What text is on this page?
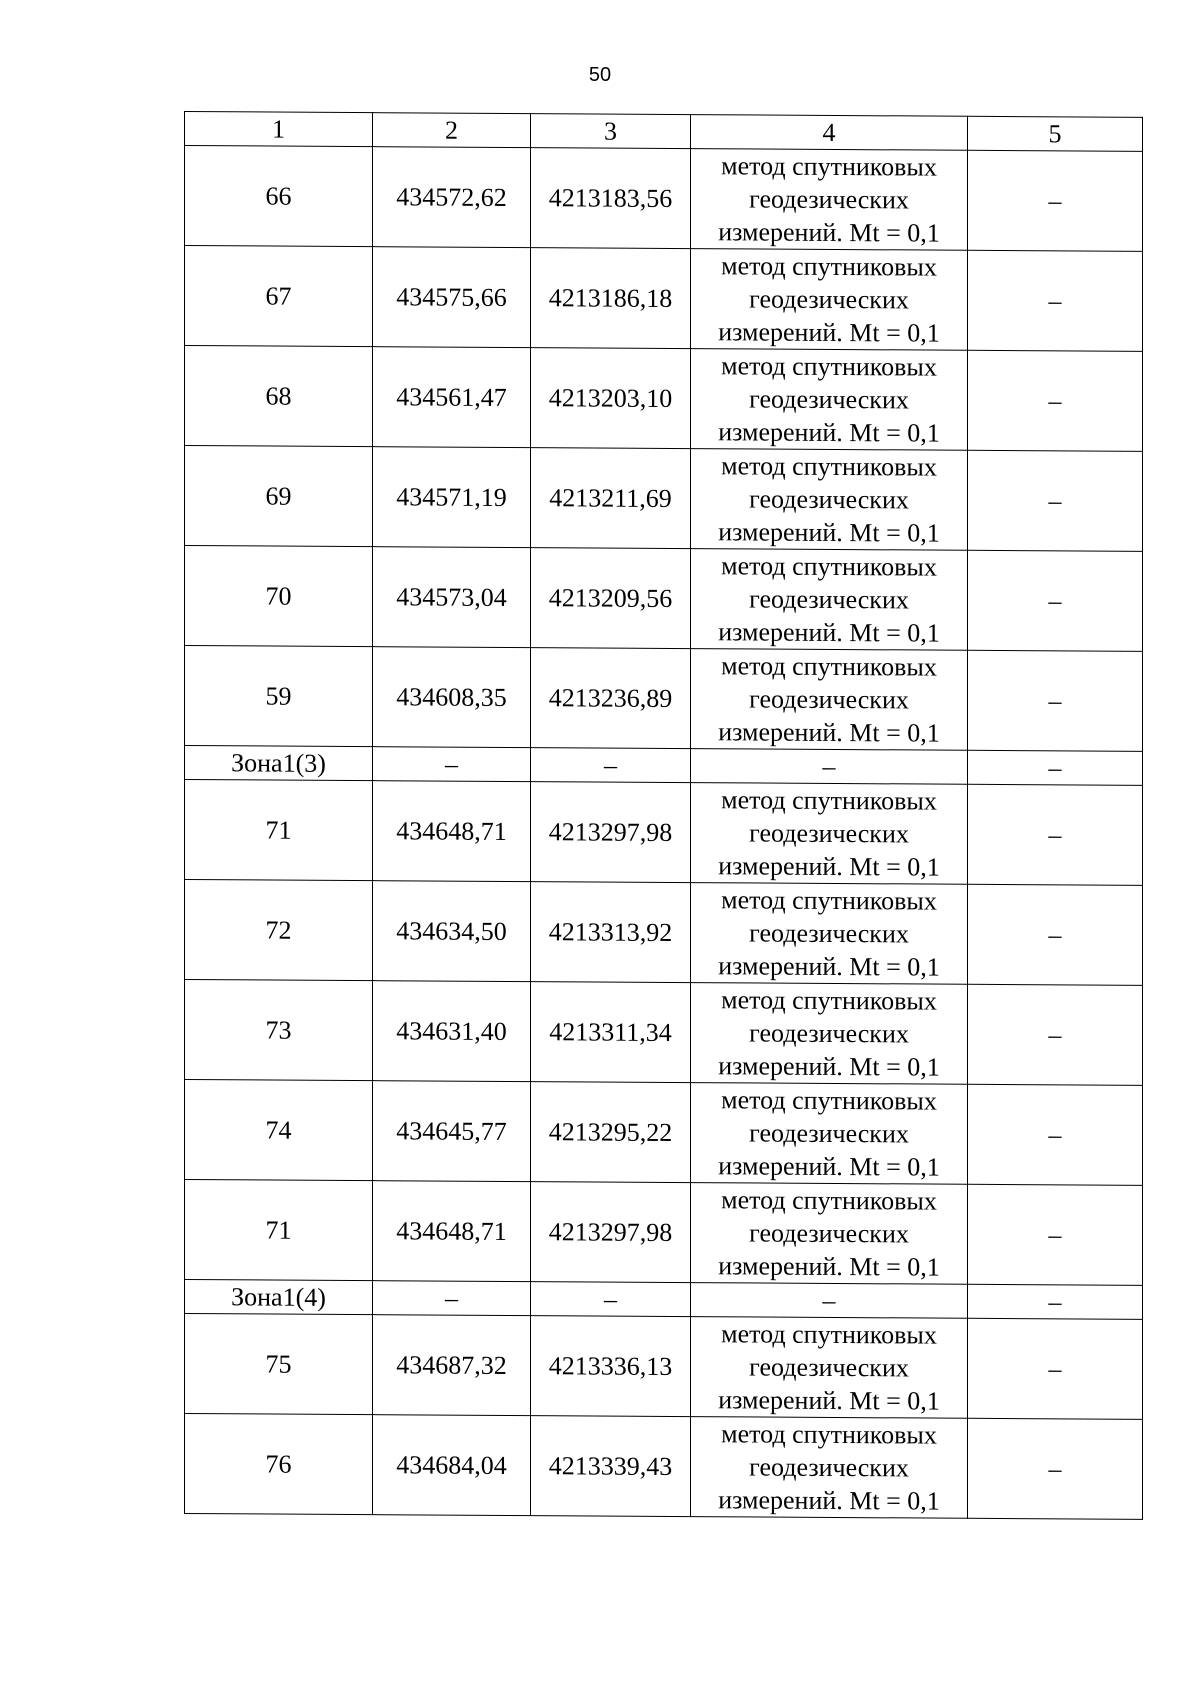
50
1	2	3	4	5
66	434572,62	4213183,56	метод спутниковых
геодезических
измерений. Mt = 0,1	–
67	434575,66	4213186,18	метод спутниковых
геодезических
измерений. Mt = 0,1	–
68	434561,47	4213203,10	метод спутниковых
геодезических
измерений. Mt = 0,1	–
69	434571,19	4213211,69	метод спутниковых
геодезических
измерений. Mt = 0,1	–
70	434573,04	4213209,56	метод спутниковых
геодезических
измерений. Mt = 0,1	–
59	434608,35	4213236,89	метод спутниковых
геодезических
измерений. Mt = 0,1	–
Зона1(3)	–	–	–	–
71	434648,71	4213297,98	метод спутниковых
геодезических
измерений. Mt = 0,1	–
72	434634,50	4213313,92	метод спутниковых
геодезических
измерений. Mt = 0,1	–
73	434631,40	4213311,34	метод спутниковых
геодезических
измерений. Mt = 0,1	–
74	434645,77	4213295,22	метод спутниковых
геодезических
измерений. Mt = 0,1	–
71	434648,71	4213297,98	метод спутниковых
геодезических
измерений. Mt = 0,1	–
Зона1(4)	–	–	–	–
75	434687,32	4213336,13	метод спутниковых
геодезических
измерений. Mt = 0,1	–
76	434684,04	4213339,43	метод спутниковых
геодезических
измерений. Mt = 0,1	–
